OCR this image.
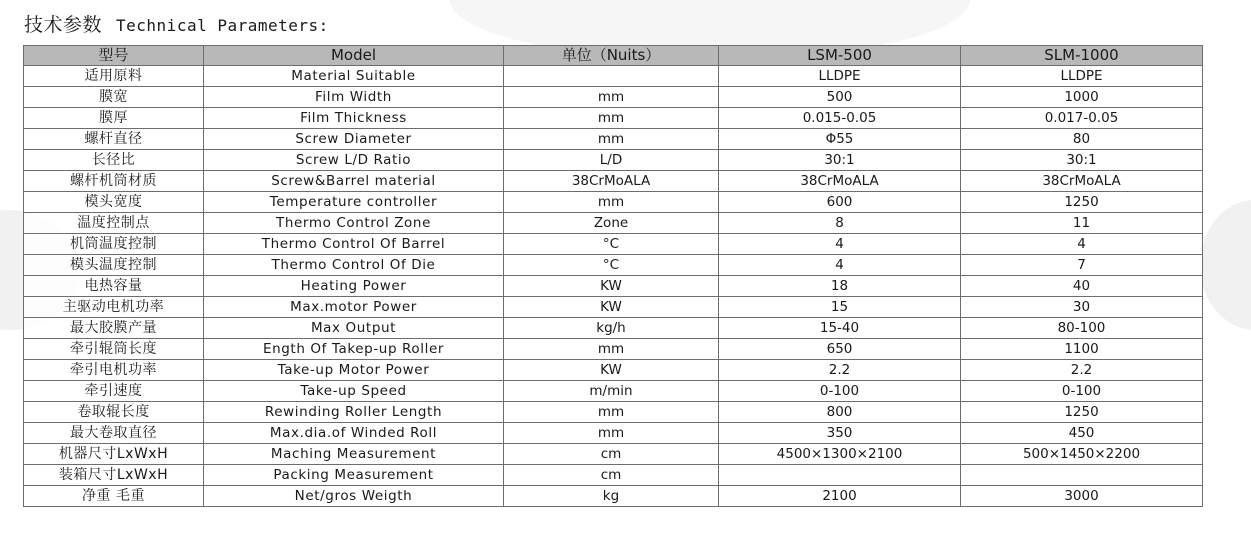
技术参数 Technical Parameters:
型号	Model	单位（Nuits）	LSM-500	SLM-1000
适用原料	Material Suitable		LLDPE	LLDPE
膜宽	Film Width	mm	500	1000
膜厚	Film Thickness	mm	0.015-0.05	0.017-0.05
螺杆直径	Screw Diameter	mm	Φ55	80
长径比	Screw L/D Ratio	L/D	30:1	30:1
螺杆机筒材质	Screw&Barrel material	38CrMoALA	38CrMoALA	38CrMoALA
模头宽度	Temperature controller	mm	600	1250
温度控制点	Thermo Control Zone	Zone	8	11
机筒温度控制	Thermo Control Of Barrel	°C	4	4
模头温度控制	Thermo Control Of Die	°C	4	7
电热容量	Heating Power	KW	18	40
主驱动电机功率	Max.motor Power	KW	15	30
最大胶膜产量	Max Output	kg/h	15-40	80-100
牵引辊筒长度	Ength Of Takep-up Roller	mm	650	1100
牵引电机功率	Take-up Motor Power	KW	2.2	2.2
牵引速度	Take-up Speed	m/min	0-100	0-100
卷取辊长度	Rewinding Roller Length	mm	800	1250
最大卷取直径	Max.dia.of Winded Roll	mm	350	450
机器尺寸LxWxH	Maching Measurement	cm	4500×1300×2100	500×1450×2200
装箱尺寸LxWxH	Packing Measurement	cm		
净重 毛重	Net/gros Weigth	kg	2100	3000
